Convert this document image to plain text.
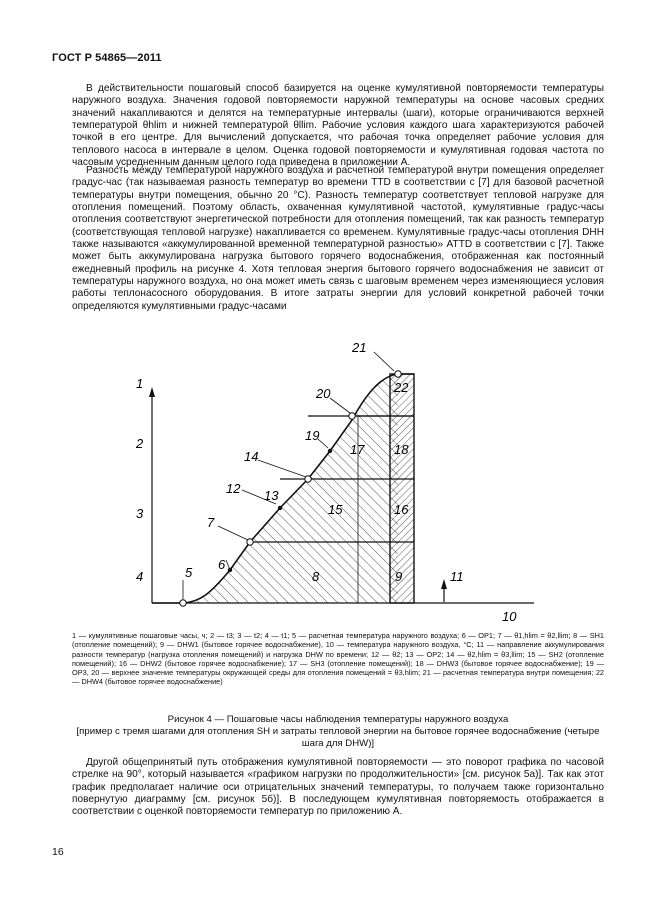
ГОСТ Р 54865—2011

В действительности пошаговый способ базируется на оценке кумулятивной повторяемости температуры наружного воздуха. Значения годовой повторяемости наружной температуры на основе часовых средних значений накапливаются и делятся на температурные интервалы (шаги), которые ограничиваются верхней температурой θhlim и нижней температурой θllim. Рабочие условия каждого шага характеризуются рабочей точкой в его центре. Для вычислений допускается, что рабочая точка определяет рабочие условия для теплового насоса в интервале в целом. Оценка годовой повторяемости и кумулятивная годовая частота по часовым усредненным данным целого года приведена в приложении А.

Разность между температурой наружного воздуха и расчетной температурой внутри помещения определяет градус-час (так называемая разность температур во времени TTD в соответствии с [7] для базовой расчетной температуры внутри помещения, обычно 20 °С). Разность температур соответствует тепловой нагрузке для отопления помещений. Поэтому область, охваченная кумулятивной частотой, кумулятивные градус-часы отопления соответствуют энергетической потребности для отопления помещений, так как разность температур (соответствующая тепловой нагрузке) накапливается со временем. Кумулятивные градус-часы отопления DHH также называются «аккумулированной временной температурной разностью» ATTD в соответствии с [7]. Также может быть аккумулирована нагрузка бытового горячего водоснабжения, отображенная как постоянный ежедневный профиль на рисунке 4. Хотя тепловая энергия бытового горячего водоснабжения не зависит от температуры наружного воздуха, но она может иметь связь с шаговым временем через изменяющиеся условия работы теплонасосного оборудования. В итоге затраты энергии для условий конкретной рабочей точки определяются кумулятивными градус-часами

1
2
3
4	5
6
7
8	9
10
11
12 13
14
15	16
17 18
19
20
21
22

1 — кумулятивные пошаговые часы, ч; 2 — t3; 3 — t2; 4 — t1; 5 — расчетная температура наружного воздуха; 6 — OP1; 7 — θ1,hlim = θ2,llim; 8 — SH1 (отопление помещений); 9 — DHW1 (бытовое горячее водоснабжение), 10 — температура наружного воздуха, °С; 11 — направление аккумулирования разности температур (нагрузка отопления помещений) и нагрузка DHW по времени; 12 — θ2; 13 — OP2; 14 — θ2,hlim = θ3,llim; 15 — SH2 (отопление помещений); 16 — DHW2 (бытовое горячее водоснабжение); 17 — SH3 (отопление помещений); 18 — DHW3 (бытовое горячее водоснабжение); 19 — OP3, 20 — верхнее значение температуры окружающей среды для отопления помещений = θ3,hlim; 21 — расчетная температура внутри помещения; 22 — DHW4 (бытовое горячее водоснабжение)

Рисунок 4 — Пошаговые часы наблюдения температуры наружного воздуха
[пример с тремя шагами для отопления SH и затраты тепловой энергии на бытовое горячее водоснабжение (четыре шага для DHW)]

Другой общепринятый путь отображения кумулятивной повторяемости — это поворот графика по часовой стрелке на 90°, который называется «графиком нагрузки по продолжительности» [см. рисунок 5а)]. Так как этот график предполагает наличие оси отрицательных значений температуры, то получаем также горизонтально повернутую диаграмму [см. рисунок 5б)]. В последующем кумулятивная повторяемость отображается в соответствии с оценкой повторяемости температур по приложению А.

16
